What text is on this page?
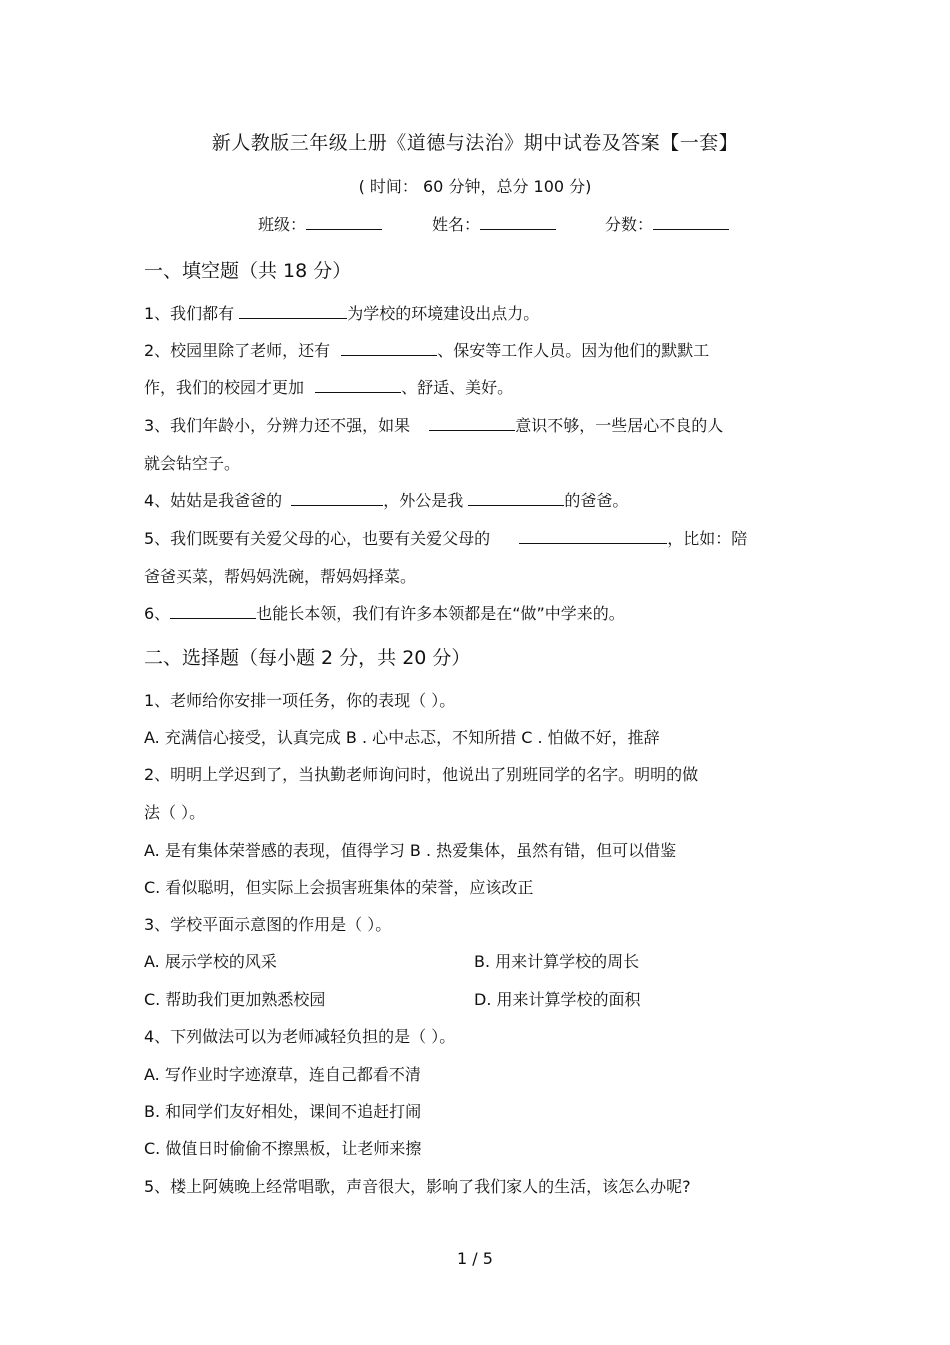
新人教版三年级上册《道德与法治》期中试卷及答案【一套】
( 时间： 60 分钟，总分 100 分)
班级：	姓名：	分数：
一、填空题（共 18 分）
1、我们都有	为学校的环境建设出点力。
2、校园里除了老师，还有	、保安等工作人员。因为他们的默默工
作，我们的校园才更加	、舒适、美好。
3、我们年龄小，分辨力还不强，如果	意识不够，一些居心不良的人
就会钻空子。
4、姑姑是我爸爸的	，外公是我	的爸爸。
5、我们既要有关爱父母的心，也要有关爱父母的	，比如：陪
爸爸买菜，帮妈妈洗碗，帮妈妈择菜。
6、	也能长本领，我们有许多本领都是在“做”中学来的。
二、选择题（每小题 2 分，共 20 分）
1、老师给你安排一项任务，你的表现（ ）。
A. 充满信心接受，认真完成 B . 心中忐忑，不知所措 C . 怕做不好，推辞
2、明明上学迟到了，当执勤老师询问时，他说出了别班同学的名字。明明的做
法（ ）。
A. 是有集体荣誉感的表现，值得学习 B . 热爱集体，虽然有错，但可以借鉴
C. 看似聪明，但实际上会损害班集体的荣誉，应该改正
3、学校平面示意图的作用是（ ）。
A. 展示学校的风采	B. 用来计算学校的周长
C. 帮助我们更加熟悉校园	D. 用来计算学校的面积
4、下列做法可以为老师减轻负担的是（ ）。
A. 写作业时字迹潦草，连自己都看不清
B. 和同学们友好相处，课间不追赶打闹
C. 做值日时偷偷不擦黑板，让老师来擦
5、楼上阿姨晚上经常唱歌，声音很大，影响了我们家人的生活，该怎么办呢?
1 / 5
